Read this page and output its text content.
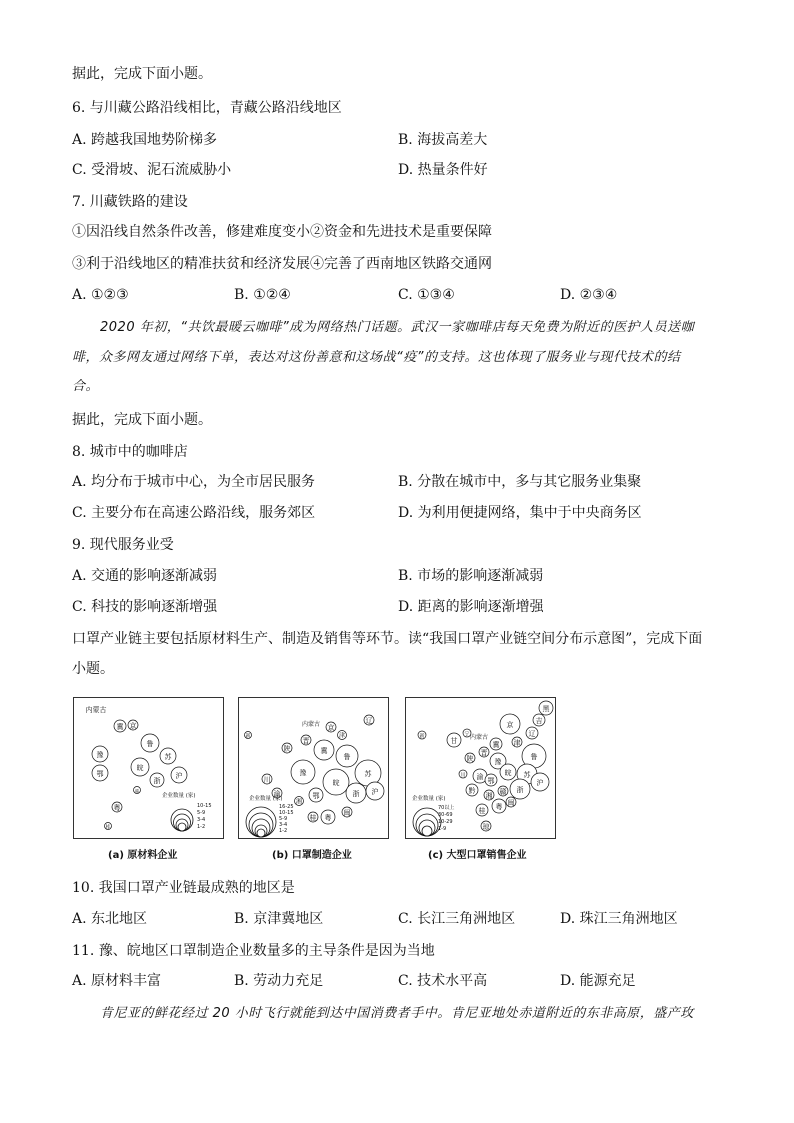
据此，完成下面小题。
6. 与川藏公路沿线相比，青藏公路沿线地区
A. 跨越我国地势阶梯多	B. 海拔高差大
C. 受滑坡、泥石流威胁小	D. 热量条件好
7. 川藏铁路的建设
①因沿线自然条件改善，修建难度变小②资金和先进技术是重要保障
③利于沿线地区的精准扶贫和经济发展④完善了西南地区铁路交通网
A. ①②③	B. ①②④	C. ①③④	D. ②③④
2020 年初，“共饮最暖云咖啡”成为网络热门话题。武汉一家咖啡店每天免费为附近的医护人员送咖
啡，众多网友通过网络下单，表达对这份善意和这场战“疫”的支持。这也体现了服务业与现代技术的结
合。
据此，完成下面小题。
8. 城市中的咖啡店
A. 均分布于城市中心，为全市居民服务	B. 分散在城市中，多与其它服务业集聚
C. 主要分布在高速公路沿线，服务郊区	D. 为利用便捷网络，集中于中央商务区
9. 现代服务业受
A. 交通的影响逐渐减弱	B. 市场的影响逐渐减弱
C. 科技的影响逐渐增强	D. 距离的影响逐渐增强
口罩产业链主要包括原材料生产、制造及销售等环节。读“我国口罩产业链空间分布示意图”，完成下面
小题。
内蒙古
冀 京
鲁
豫	苏
鄂
皖
浙
沪
赣
粤
桂
企业数量 (家)
10-15
5-9
3-4
1-2
(a) 原材料企业
新
内蒙古 京
津
辽
晋
冀
鲁
陕
豫	苏
皖
川
渝	鄂	浙 沪
湘
桂 粤
闽
企业数量 (家)
16-25
10-15
5-9
3-4
1-2
(b) 口罩制造企业
新
甘
宁 内蒙古
京
津
黑
吉
辽
冀
鲁
晋
陕	豫
苏
川 渝	皖
鄂
浙
沪
黔
湘 赣
闽
桂 粤
琼
企业数量 (家)
70以上
30-69
10-29
1-9
(c) 大型口罩销售企业
10. 我国口罩产业链最成熟的地区是
A. 东北地区	B. 京津冀地区	C. 长江三角洲地区	D. 珠江三角洲地区
11. 豫、皖地区口罩制造企业数量多的主导条件是因为当地
A. 原材料丰富	B. 劳动力充足	C. 技术水平高	D. 能源充足
肯尼亚的鲜花经过 20 小时飞行就能到达中国消费者手中。肯尼亚地处赤道附近的东非高原，盛产玫
